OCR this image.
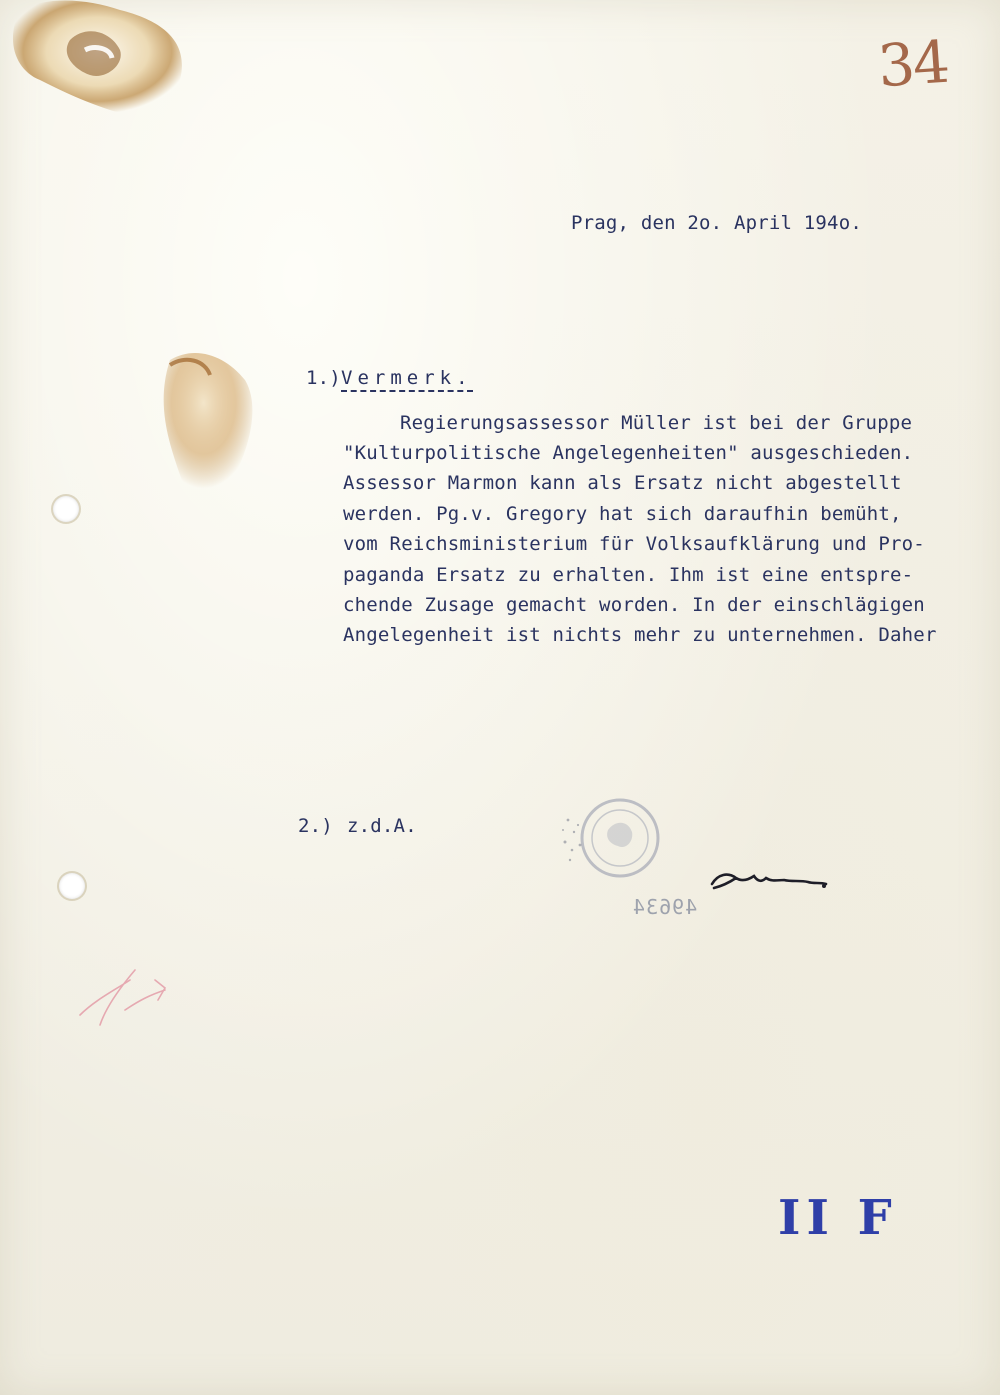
34
Prag, den 2o. April 194o.
1.) Vermerk.

Regierungsassessor Müller ist bei der Gruppe

"Kulturpolitische Angelegenheiten" ausgeschieden.

Assessor Marmon kann als Ersatz nicht abgestellt

werden. Pg.v. Gregory hat sich daraufhin bemüht,

vom Reichsministerium für Volksaufklärung und Pro-

paganda Ersatz zu erhalten. Ihm ist eine entspre-

chende Zusage gemacht worden. In der einschlägigen

Angelegenheit ist nichts mehr zu unternehmen. Daher

2.) z.d.A.
49634
II F
